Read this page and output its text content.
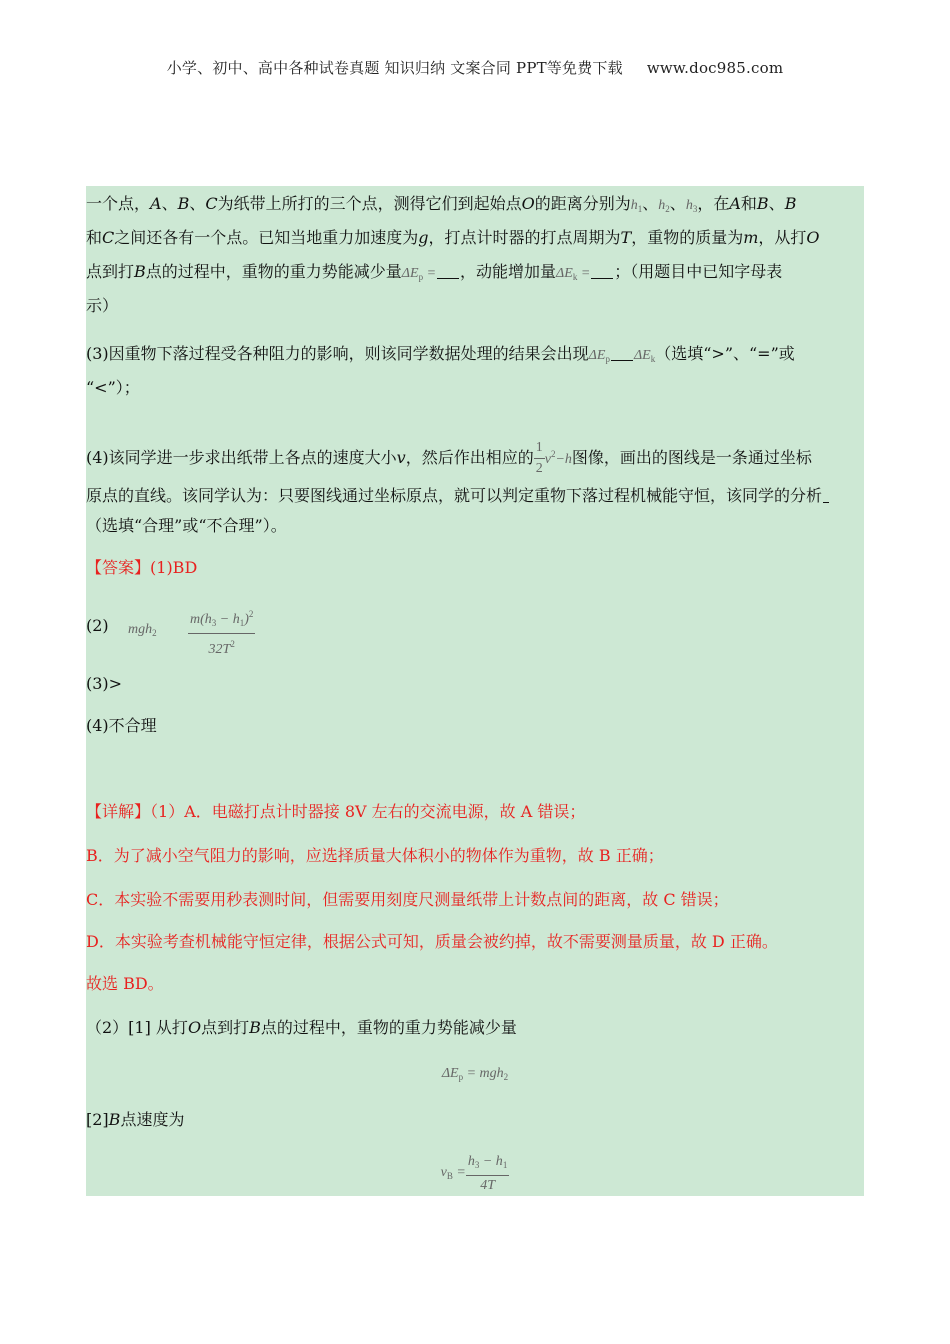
小学、初中、高中各种试卷真题 知识归纳 文案合同 PPT等免费下载 www.doc985.com
一个点，A、B、C为纸带上所打的三个点，测得它们到起始点O的距离分别为$h_1$、$h_2$、$h_3$，在A和B、B
和C之间还各有一个点。已知当地重力加速度为g，打点计时器的打点周期为T，重物的质量为m，从打O
点到打B点的过程中，重物的重力势能减少量$\Delta E_p$ = ，动能增加量$\Delta E_k$ = ；（用题目中已知字母表
示）
(3)因重物下落过程受各种阻力的影响，则该同学数据处理的结果会出现$\Delta E_p$ $\Delta E_k$（选填“>”、“=”或
“<”）；
(4)该同学进一步求出纸带上各点的速度大小v，然后作出相应的 $\frac{1}{2} v^2-h$图像，画出的图线是一条通过坐标
原点的直线。该同学认为：只要图线通过坐标原点，就可以判定重物下落过程机械能守恒，该同学的分析
（选填“合理”或“不合理”）。
【答案】(1)BD
(2) $mgh_2 \frac{m(h_3 - h_1)^2}{32T^2}$
(3)>
(4)不合理
【详解】（1）A．电磁打点计时器接 8V 左右的交流电源，故 A 错误；
B．为了减小空气阻力的影响，应选择质量大体积小的物体作为重物，故 B 正确；
C．本实验不需要用秒表测时间，但需要用刻度尺测量纸带上计数点间的距离，故 C 错误；
D．本实验考查机械能守恒定律，根据公式可知，质量会被约掉，故不需要测量质量，故 D 正确。
故选 BD。
（2）[1] 从打O点到打B点的过程中，重物的重力势能减少量
$\Delta E_p = mgh_2$
[2]B点速度为
$v_B = \frac{h_3 - h_1}{4T}$
